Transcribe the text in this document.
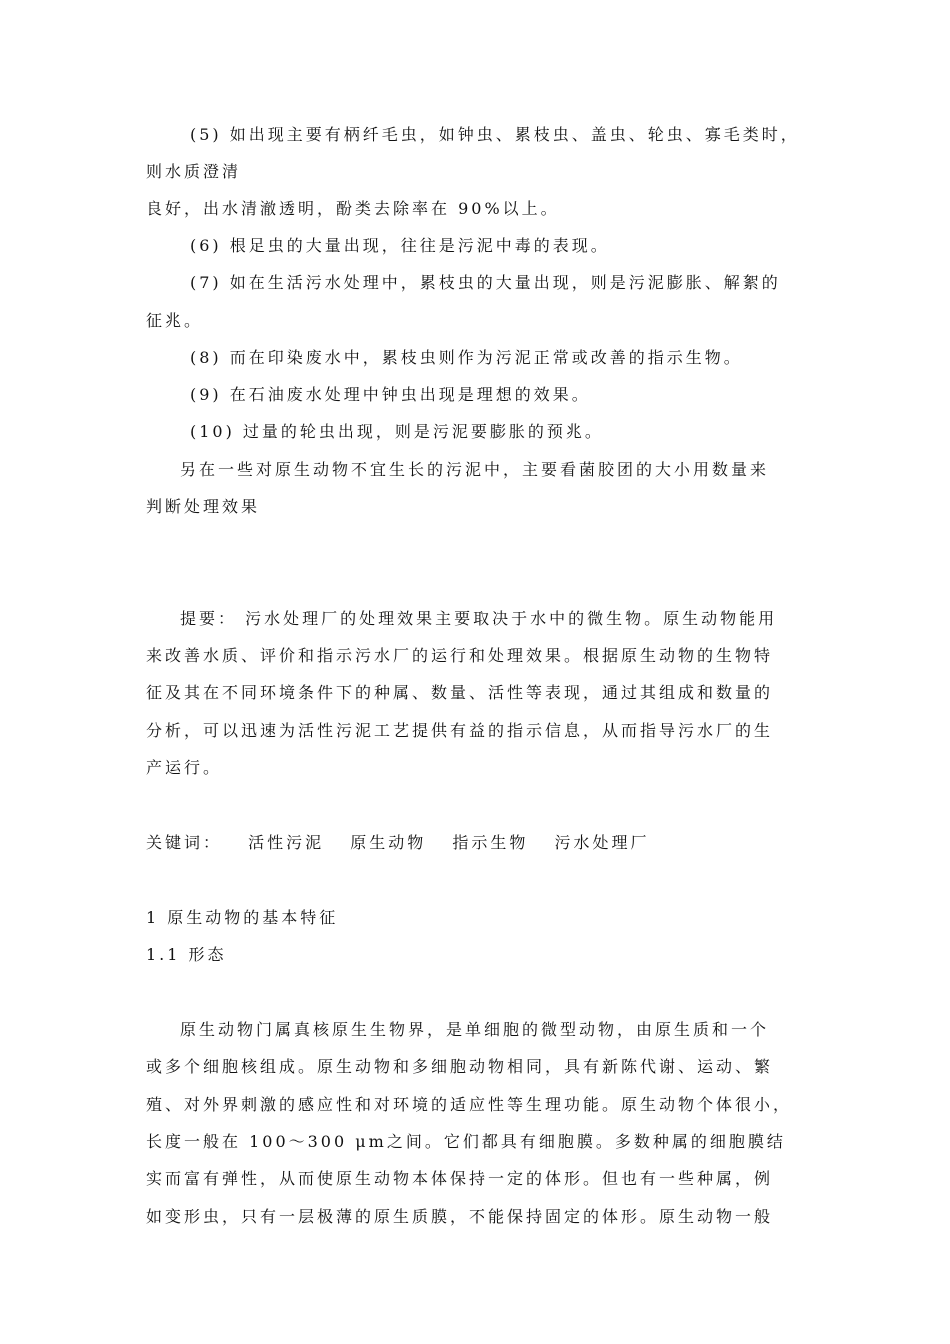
(5) 如出现主要有柄纤毛虫，如钟虫、累枝虫、盖虫、轮虫、寡毛类时，
则水质澄清
良好，出水清澈透明，酚类去除率在 90%以上。
(6) 根足虫的大量出现，往往是污泥中毒的表现。
(7) 如在生活污水处理中，累枝虫的大量出现，则是污泥膨胀、解絮的
征兆。
(8) 而在印染废水中，累枝虫则作为污泥正常或改善的指示生物。
(9) 在石油废水处理中钟虫出现是理想的效果。
(10) 过量的轮虫出现，则是污泥要膨胀的预兆。
另在一些对原生动物不宜生长的污泥中，主要看菌胶团的大小用数量来
判断处理效果
提要： 污水处理厂的处理效果主要取决于水中的微生物。原生动物能用
来改善水质、评价和指示污水厂的运行和处理效果。根据原生动物的生物特
征及其在不同环境条件下的种属、数量、活性等表现，通过其组成和数量的
分析，可以迅速为活性污泥工艺提供有益的指示信息，从而指导污水厂的生
产运行。
关键词： 活性污泥 原生动物 指示生物 污水处理厂
1 原生动物的基本特征
1.1 形态
原生动物门属真核原生生物界，是单细胞的微型动物，由原生质和一个
或多个细胞核组成。原生动物和多细胞动物相同，具有新陈代谢、运动、繁
殖、对外界刺激的感应性和对环境的适应性等生理功能。原生动物个体很小，
长度一般在 100～300 μm之间。它们都具有细胞膜。多数种属的细胞膜结
实而富有弹性，从而使原生动物本体保持一定的体形。但也有一些种属，例
如变形虫，只有一层极薄的原生质膜，不能保持固定的体形。原生动物一般
